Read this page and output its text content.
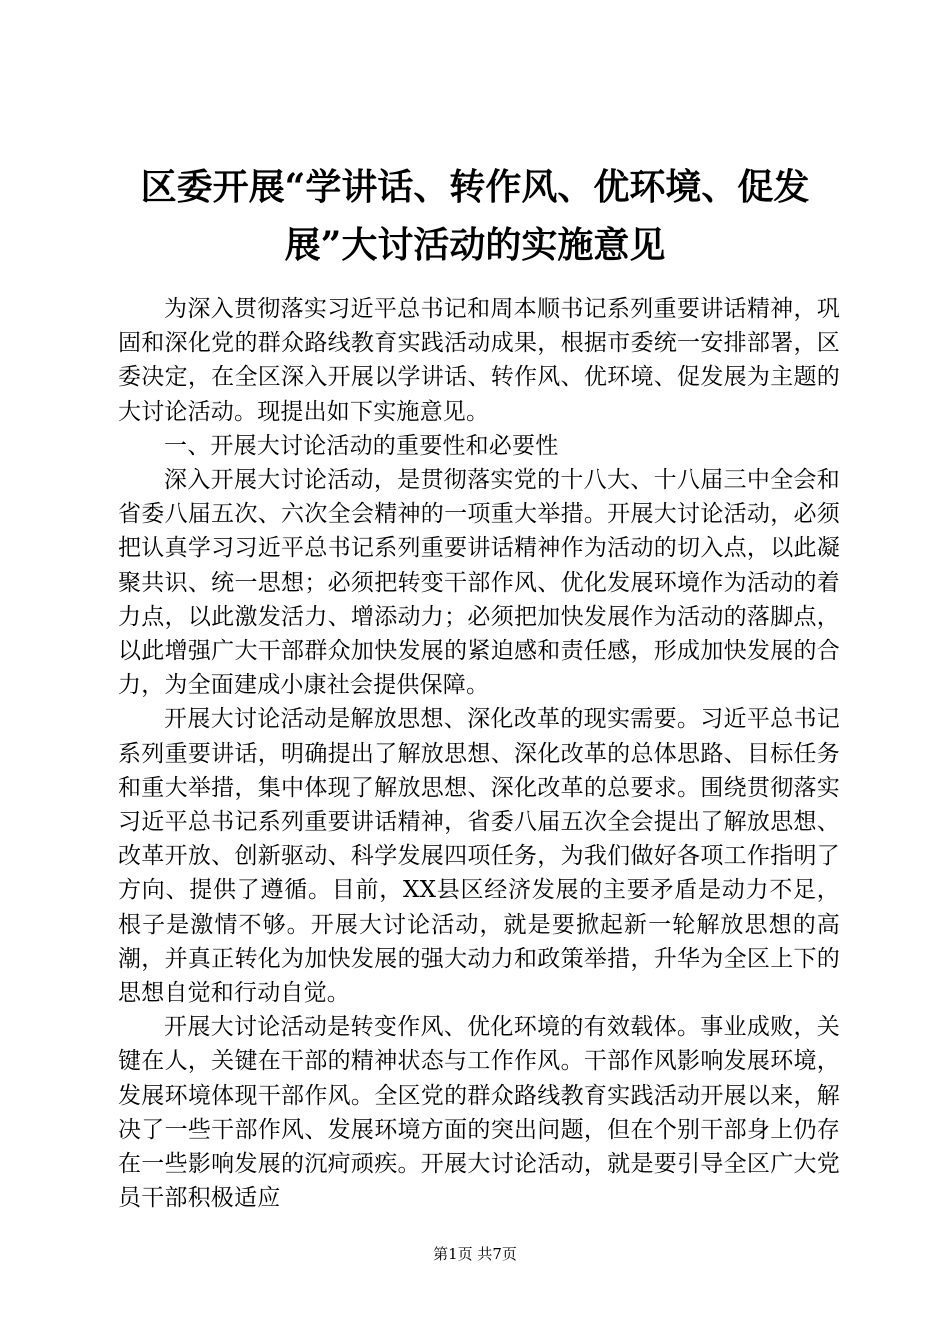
区委开展“学讲话、转作风、优环境、促发
展”大讨活动的实施意见

为深入贯彻落实习近平总书记和周本顺书记系列重要讲话精神，巩固和深化党的群众路线教育实践活动成果，根据市委统一安排部署，区委决定，在全区深入开展以学讲话、转作风、优环境、促发展为主题的大讨论活动。现提出如下实施意见。

一、开展大讨论活动的重要性和必要性

深入开展大讨论活动，是贯彻落实党的十八大、十八届三中全会和省委八届五次、六次全会精神的一项重大举措。开展大讨论活动，必须把认真学习习近平总书记系列重要讲话精神作为活动的切入点，以此凝聚共识、统一思想；必须把转变干部作风、优化发展环境作为活动的着力点，以此激发活力、增添动力；必须把加快发展作为活动的落脚点，以此增强广大干部群众加快发展的紧迫感和责任感，形成加快发展的合力，为全面建成小康社会提供保障。

开展大讨论活动是解放思想、深化改革的现实需要。习近平总书记系列重要讲话，明确提出了解放思想、深化改革的总体思路、目标任务和重大举措，集中体现了解放思想、深化改革的总要求。围绕贯彻落实习近平总书记系列重要讲话精神，省委八届五次全会提出了解放思想、改革开放、创新驱动、科学发展四项任务，为我们做好各项工作指明了方向、提供了遵循。目前，XX县区经济发展的主要矛盾是动力不足，根子是激情不够。开展大讨论活动，就是要掀起新一轮解放思想的高潮，并真正转化为加快发展的强大动力和政策举措，升华为全区上下的思想自觉和行动自觉。

开展大讨论活动是转变作风、优化环境的有效载体。事业成败，关键在人，关键在干部的精神状态与工作作风。干部作风影响发展环境，发展环境体现干部作风。全区党的群众路线教育实践活动开展以来，解决了一些干部作风、发展环境方面的突出问题，但在个别干部身上仍存在一些影响发展的沉疴顽疾。开展大讨论活动，就是要引导全区广大党员干部积极适应

第1页 共7页
